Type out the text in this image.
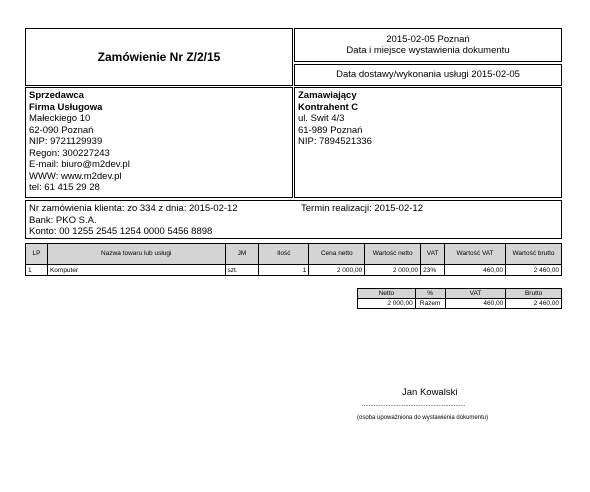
Zamówienie Nr Z/2/15
2015-02-05 Poznań
Data i miejsce wystawienia dokumentu
Data dostawy/wykonania usługi 2015-02-05
Sprzedawca
Firma Usługowa
Małeckiego 10
62-090 Poznań
NIP: 9721129939
Regon: 300227243
E-mail: biuro@m2dev.pl
WWW: www.m2dev.pl
tel: 61 415 29 28
Zamawiający
Kontrahent C
ul. Swit 4/3
61-989 Poznań
NIP: 7894521336
Nr zamówienia klienta: zo 334 z dnia: 2015-02-12	Termin realizacji: 2015-02-12
Bank: PKO S.A.
Konto: 00 1255 2545 1254 0000 5456 8898
LP	Nazwa towaru lub usługi	JM	Ilość	Cena netto	Wartość netto	VAT	Wartość VAT	Wartość brutto
1	Komputer	szt.	1	2 000,00	2 000,00	23%	460,00	2 460,00
Netto	%	VAT	Brutto
2 000,00	Razem	460,00	2 460,00
Jan Kowalski
..............................................................
(osoba upoważniona do wystawienia dokumentu)
